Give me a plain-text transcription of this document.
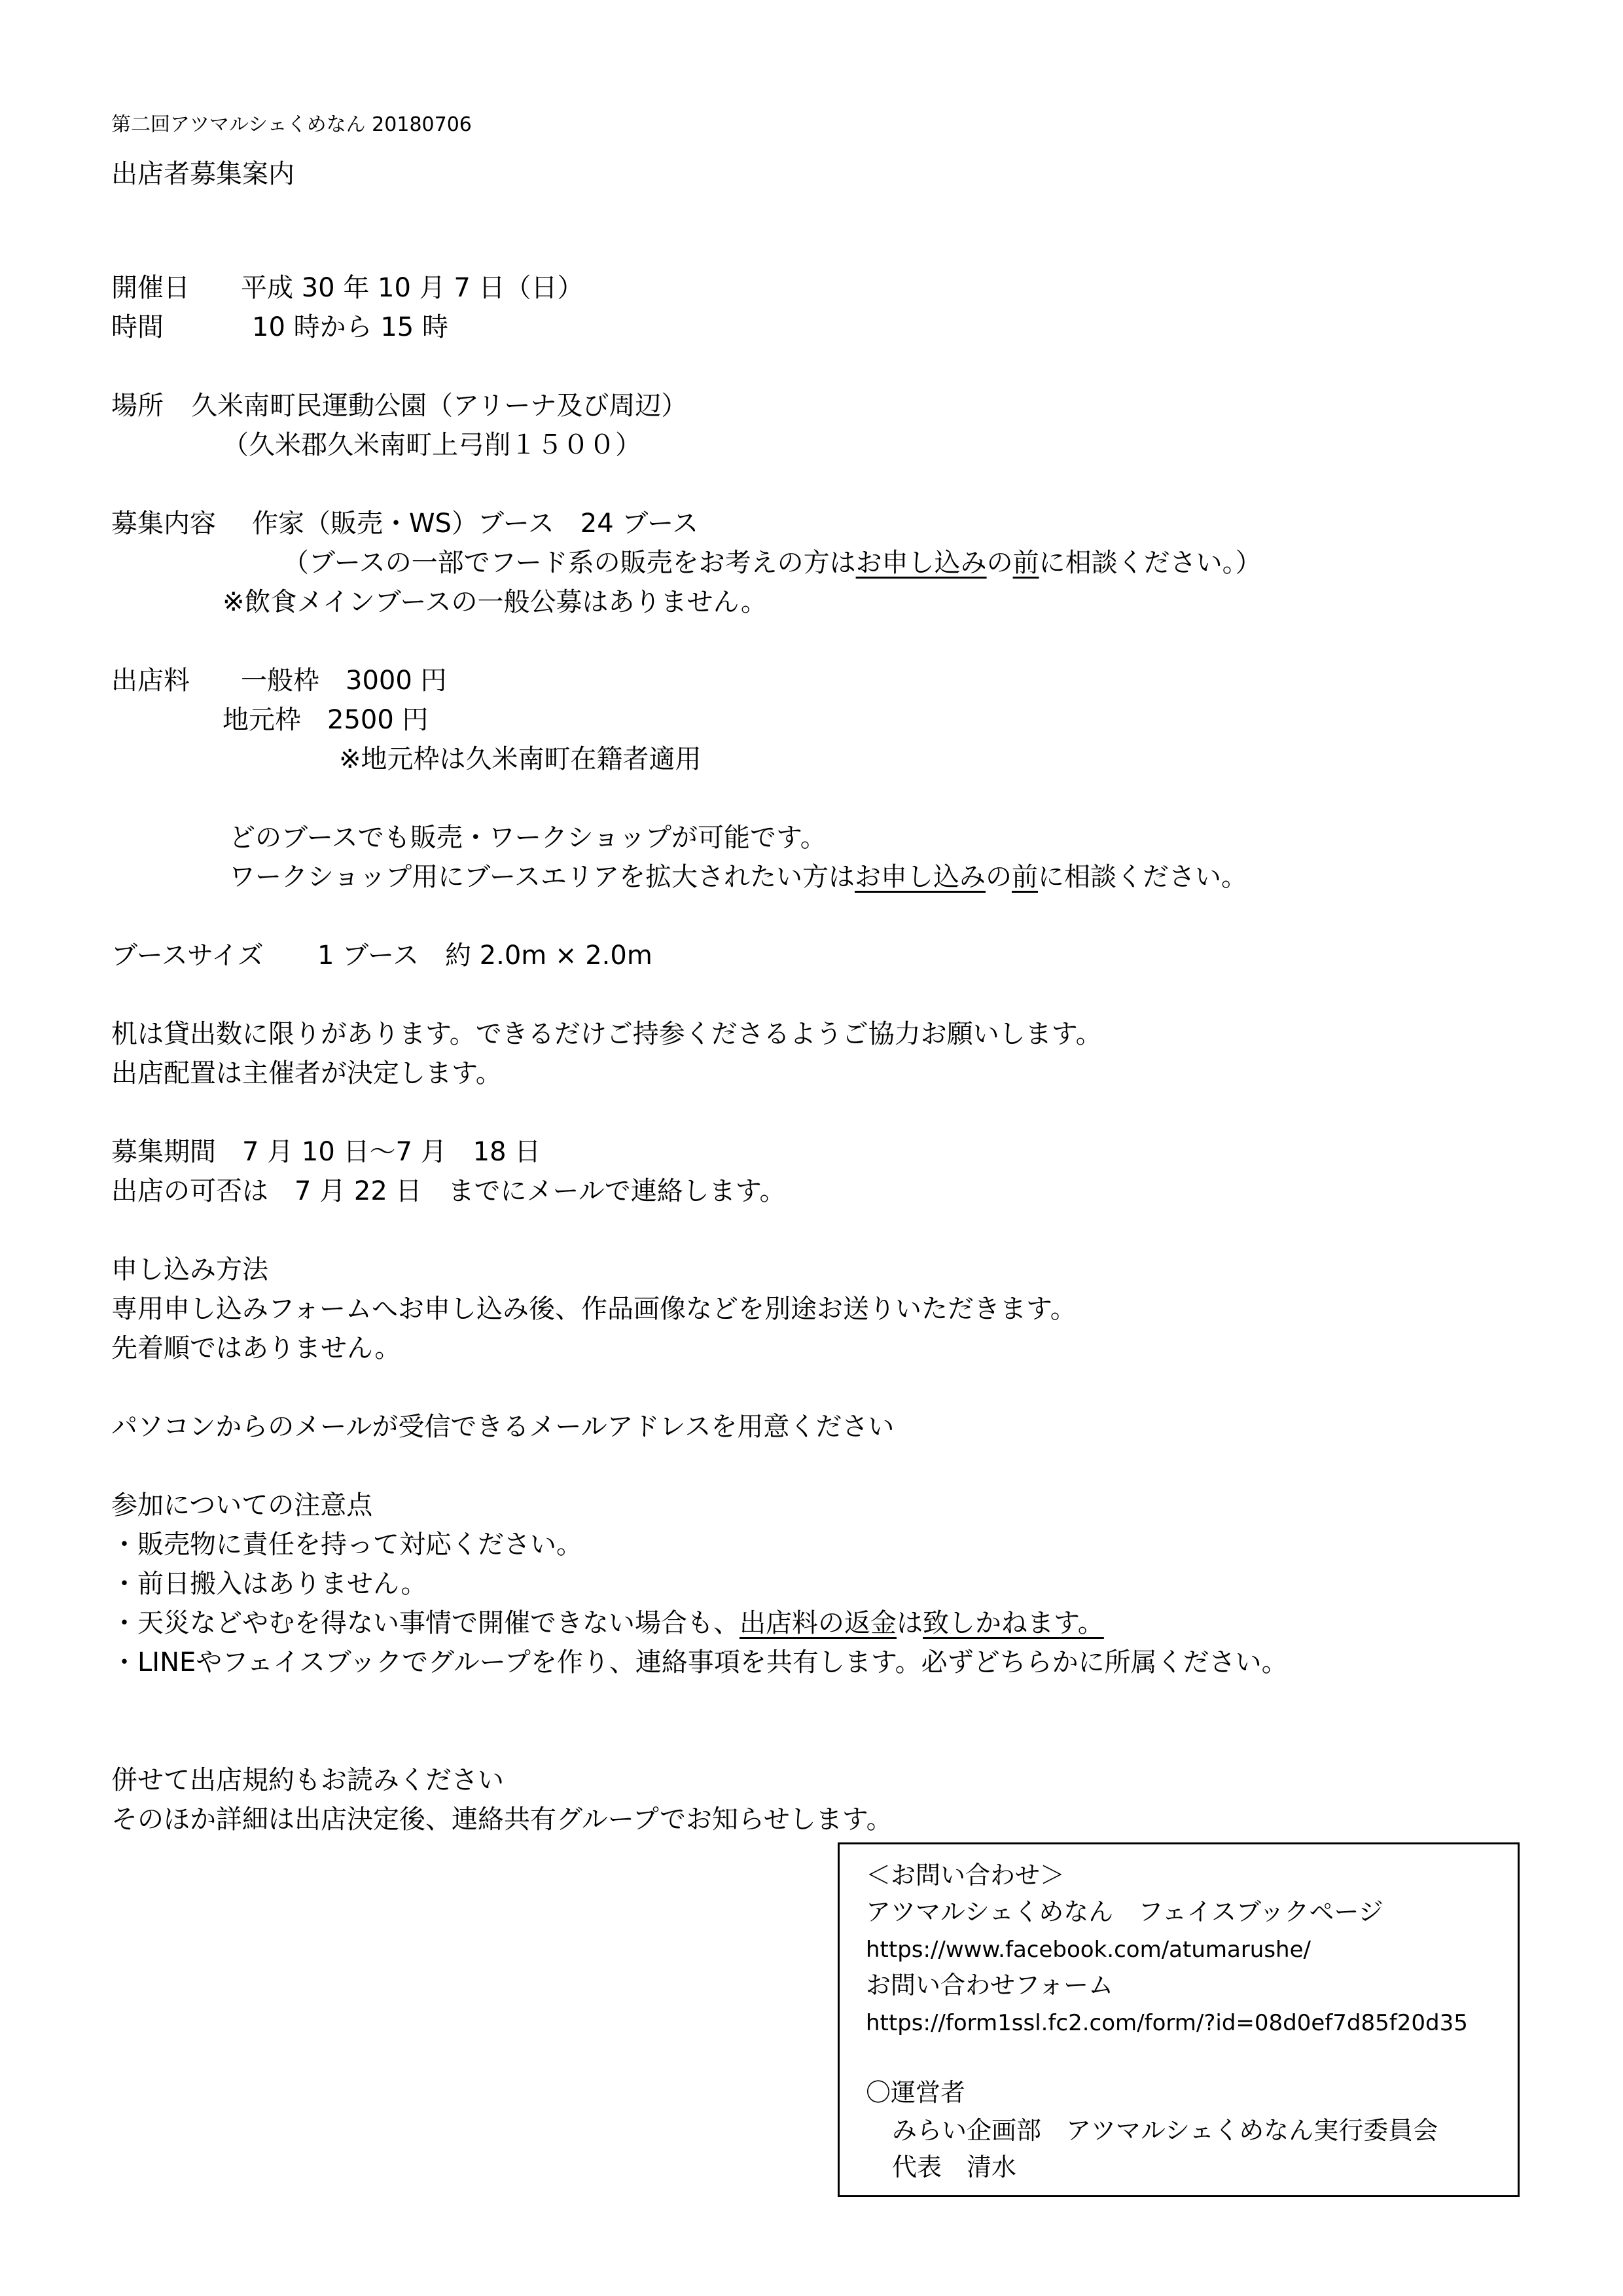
第二回アツマルシェくめなん 20180706
出店者募集案内
開催日 平成 30 年 10 月 7 日（日）
時間	10 時から 15 時
場所 久米南町民運動公園（アリーナ及び周辺）
（久米郡久米南町上弓削１５００）
募集内容 作家（販売・WS）ブース　24 ブース
（ブースの一部でフード系の販売をお考えの方はお申し込みの前に相談ください。）
※飲食メインブースの一般公募はありません。
出店料 一般枠　3000 円
地元枠　2500 円
※地元枠は久米南町在籍者適用
どのブースでも販売・ワークショップが可能です。
ワークショップ用にブースエリアを拡大されたい方はお申し込みの前に相談ください。
ブースサイズ 1 ブース　約 2.0m × 2.0m
机は貸出数に限りがあります。できるだけご持参くださるようご協力お願いします。
出店配置は主催者が決定します。
募集期間　7 月 10 日～7 月　18 日
出店の可否は　7 月 22 日　までにメールで連絡します。
申し込み方法
専用申し込みフォームへお申し込み後、作品画像などを別途お送りいただきます。
先着順ではありません。
パソコンからのメールが受信できるメールアドレスを用意ください
参加についての注意点
・販売物に責任を持って対応ください。
・前日搬入はありません。
・天災などやむを得ない事情で開催できない場合も、出店料の返金は致しかねます。
・LINEやフェイスブックでグループを作り、連絡事項を共有します。必ずどちらかに所属ください。
併せて出店規約もお読みください
そのほか詳細は出店決定後、連絡共有グループでお知らせします。
＜お問い合わせ＞
アツマルシェくめなん　フェイスブックページ
https://www.facebook.com/atumarushe/
お問い合わせフォーム
https://form1ssl.fc2.com/form/?id=08d0ef7d85f20d35
〇運営者
みらい企画部　アツマルシェくめなん実行委員会
代表　清水
